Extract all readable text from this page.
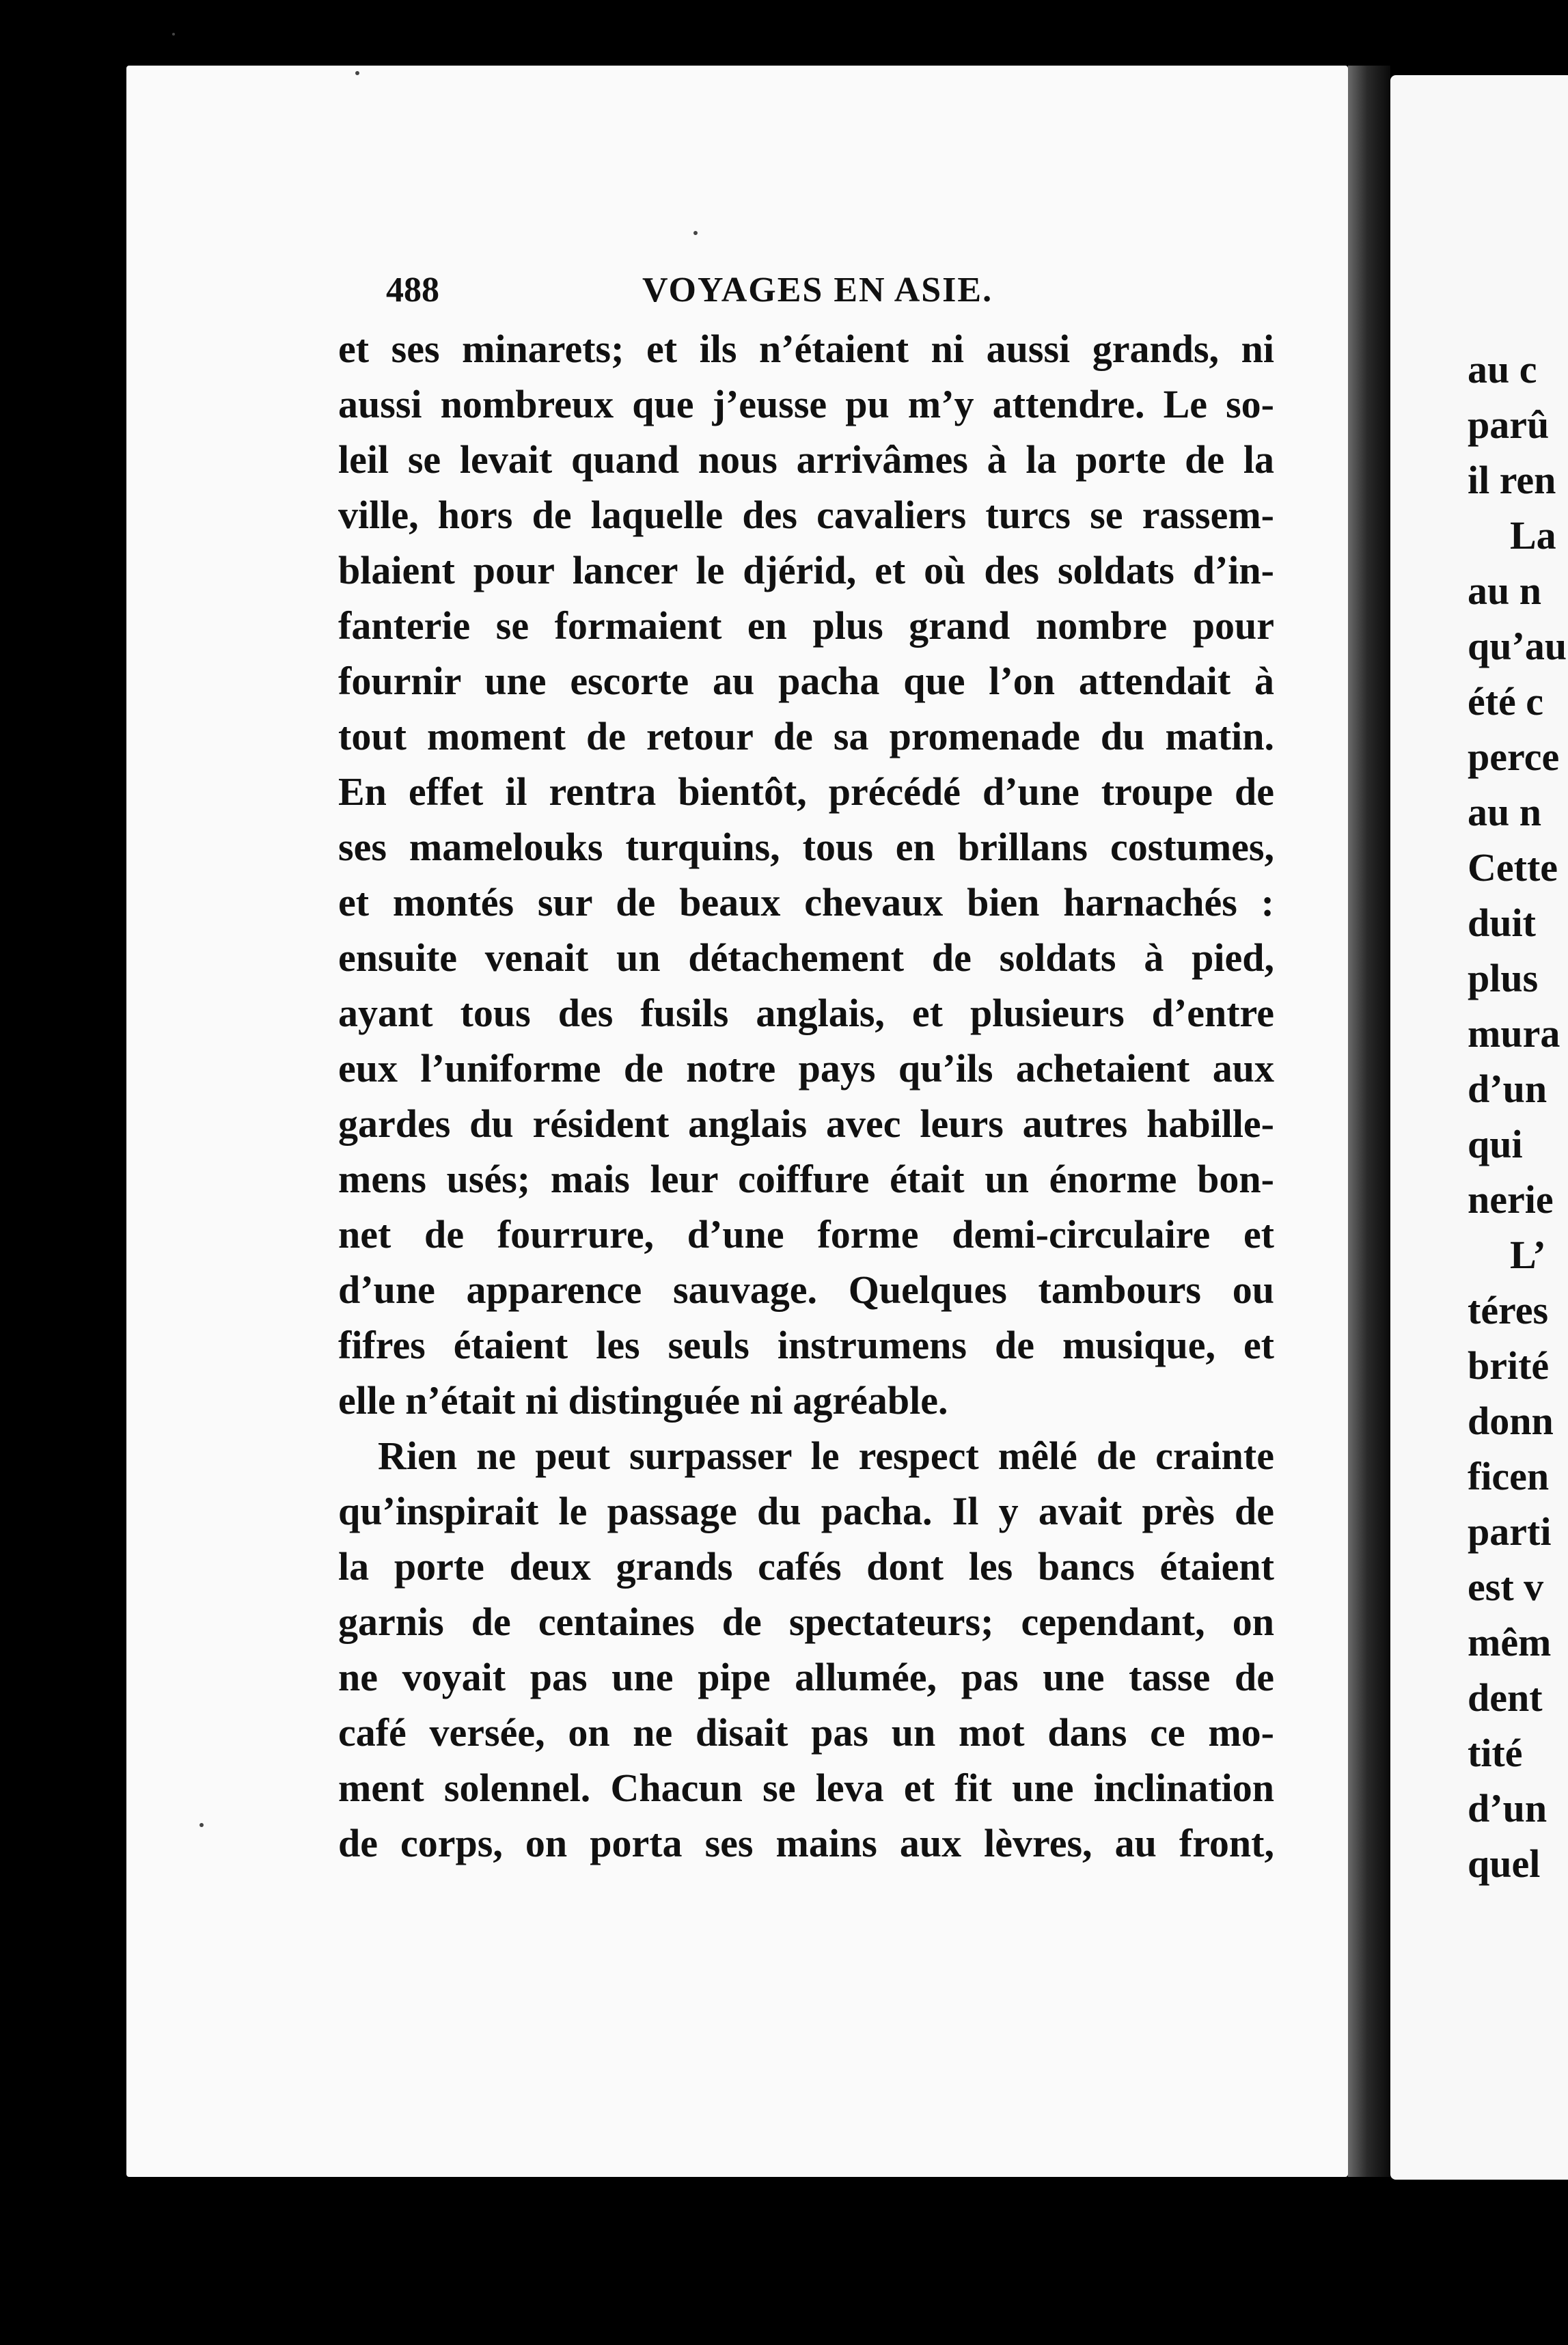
488	VOYAGES EN ASIE.
et ses minarets; et ils n’étaient ni aussi grands, ni
aussi nombreux que j’eusse pu m’y attendre. Le so-
leil se levait quand nous arrivâmes à la porte de la
ville, hors de laquelle des cavaliers turcs se rassem-
blaient pour lancer le djérid, et où des soldats d’in-
fanterie se formaient en plus grand nombre pour
fournir une escorte au pacha que l’on attendait à
tout moment de retour de sa promenade du matin.
En effet il rentra bientôt, précédé d’une troupe de
ses mamelouks turquins, tous en brillans costumes,
et montés sur de beaux chevaux bien harnachés :
ensuite venait un détachement de soldats à pied,
ayant tous des fusils anglais, et plusieurs d’entre
eux l’uniforme de notre pays qu’ils achetaient aux
gardes du résident anglais avec leurs autres habille-
mens usés; mais leur coiffure était un énorme bon-
net de fourrure, d’une forme demi-circulaire et
d’une apparence sauvage. Quelques tambours ou
fifres étaient les seuls instrumens de musique, et
elle n’était ni distinguée ni agréable.
Rien ne peut surpasser le respect mêlé de crainte
qu’inspirait le passage du pacha. Il y avait près de
la porte deux grands cafés dont les bancs étaient
garnis de centaines de spectateurs; cependant, on
ne voyait pas une pipe allumée, pas une tasse de
café versée, on ne disait pas un mot dans ce mo-
ment solennel. Chacun se leva et fit une inclination
de corps, on porta ses mains aux lèvres, au front,
au c
parû
il ren
La
au n
qu’au
été c
perce
au n
Cette
duit
plus
mura
d’un
qui
nerie
L’
téres
brité
donn
ficen
parti
est v
mêm
dent
tité
d’un
quel
